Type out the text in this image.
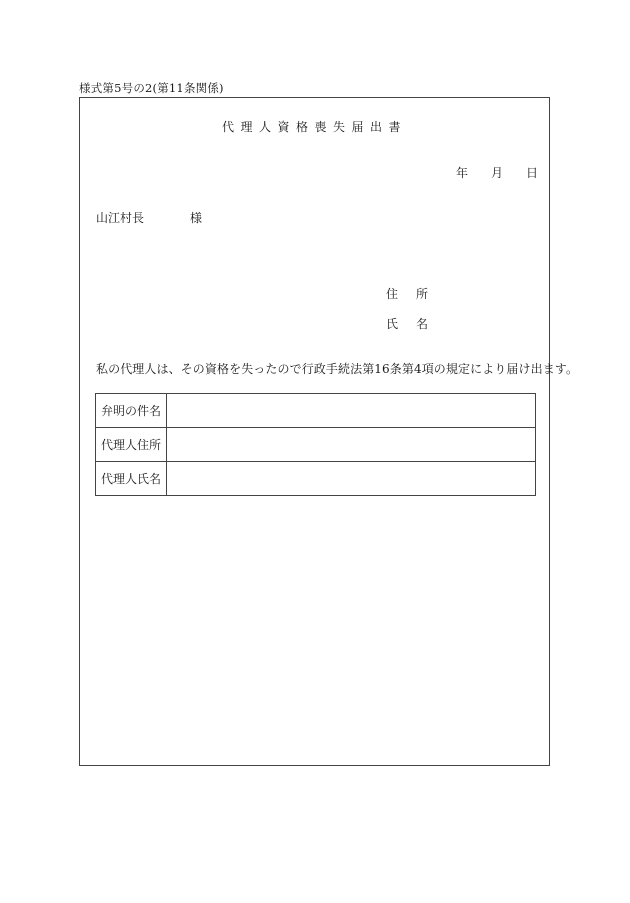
様式第5号の2(第11条関係)
代理人資格喪失届出書
年 月 日
山江村長	様
住 所
氏 名
私の代理人は、その資格を失ったので行政手続法第16条第4項の規定により届け出ます。
弁明の件名	
代理人住所	
代理人氏名	
